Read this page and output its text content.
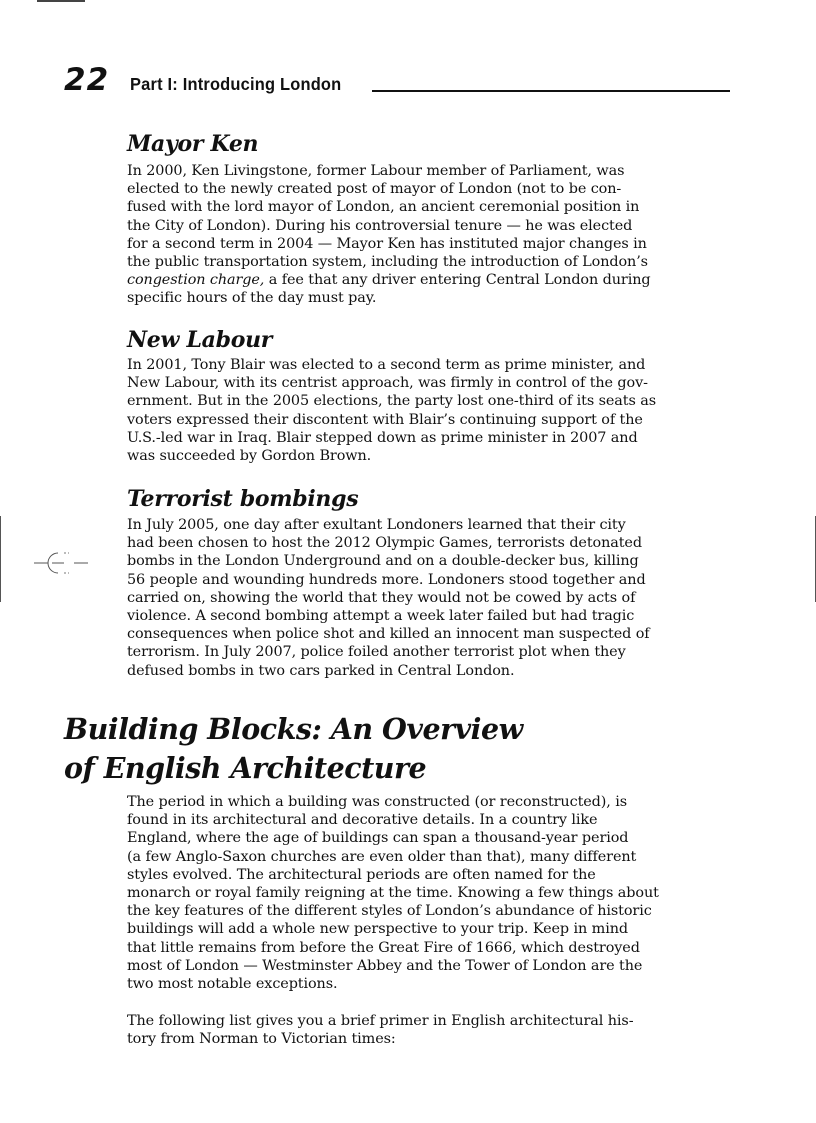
22 Part I: Introducing London
Mayor Ken
In 2000, Ken Livingstone, former Labour member of Parliament, was
elected to the newly created post of mayor of London (not to be con-
fused with the lord mayor of London, an ancient ceremonial position in
the City of London). During his controversial tenure — he was elected
for a second term in 2004 — Mayor Ken has instituted major changes in
the public transportation system, including the introduction of London’s
congestion charge, a fee that any driver entering Central London during
specific hours of the day must pay.
New Labour
In 2001, Tony Blair was elected to a second term as prime minister, and
New Labour, with its centrist approach, was firmly in control of the gov-
ernment. But in the 2005 elections, the party lost one-third of its seats as
voters expressed their discontent with Blair’s continuing support of the
U.S.-led war in Iraq. Blair stepped down as prime minister in 2007 and
was succeeded by Gordon Brown.
Terrorist bombings
In July 2005, one day after exultant Londoners learned that their city
had been chosen to host the 2012 Olympic Games, terrorists detonated
bombs in the London Underground and on a double-decker bus, killing
56 people and wounding hundreds more. Londoners stood together and
carried on, showing the world that they would not be cowed by acts of
violence. A second bombing attempt a week later failed but had tragic
consequences when police shot and killed an innocent man suspected of
terrorism. In July 2007, police foiled another terrorist plot when they
defused bombs in two cars parked in Central London.
Building Blocks: An Overview
of English Architecture
The period in which a building was constructed (or reconstructed), is
found in its architectural and decorative details. In a country like
England, where the age of buildings can span a thousand-year period
(a few Anglo-Saxon churches are even older than that), many different
styles evolved. The architectural periods are often named for the
monarch or royal family reigning at the time. Knowing a few things about
the key features of the different styles of London’s abundance of historic
buildings will add a whole new perspective to your trip. Keep in mind
that little remains from before the Great Fire of 1666, which destroyed
most of London — Westminster Abbey and the Tower of London are the
two most notable exceptions.
The following list gives you a brief primer in English architectural his-
tory from Norman to Victorian times:
